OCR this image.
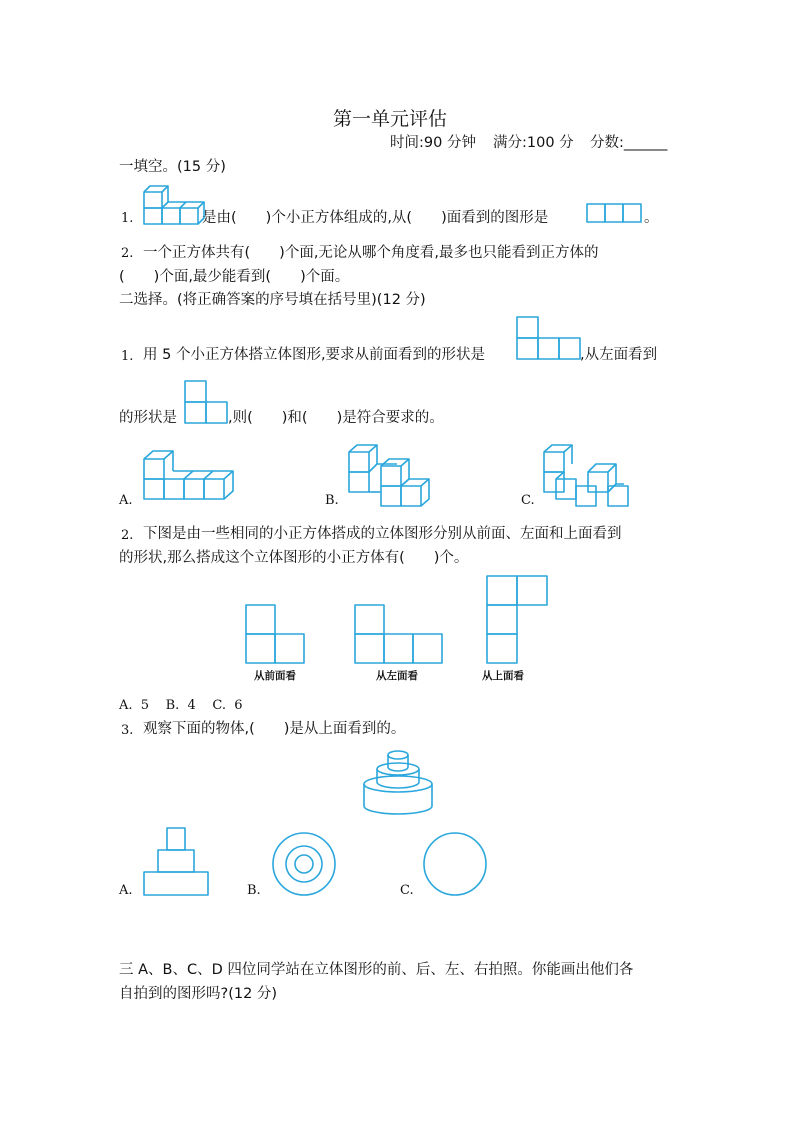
第一单元评估
时间:90 分钟 满分:100 分 分数:______
一填空。(15 分)
1.	是由(　　)个小正方体组成的,从(　　)面看到的图形是	。
2. 一个正方体共有(　　)个面,无论从哪个角度看,最多也只能看到正方体的
(　　)个面,最少能看到(　　)个面。
二选择。(将正确答案的序号填在括号里)(12 分)
1. 用 5 个小正方体搭立体图形,要求从前面看到的形状是	,从左面看到
的形状是	,则(　　)和(　　)是符合要求的。
A.	B.	C.
2. 下图是由一些相同的小正方体搭成的立体图形分别从前面、左面和上面看到
的形状,那么搭成这个立体图形的小正方体有(　　)个。
从前面看	从左面看	从上面看
A.  5    B.  4    C.  6
3. 观察下面的物体,(　　)是从上面看到的。
A.	B.	C.
三 A、B、C、D 四位同学站在立体图形的前、后、左、右拍照。你能画出他们各
自拍到的图形吗?(12 分)
